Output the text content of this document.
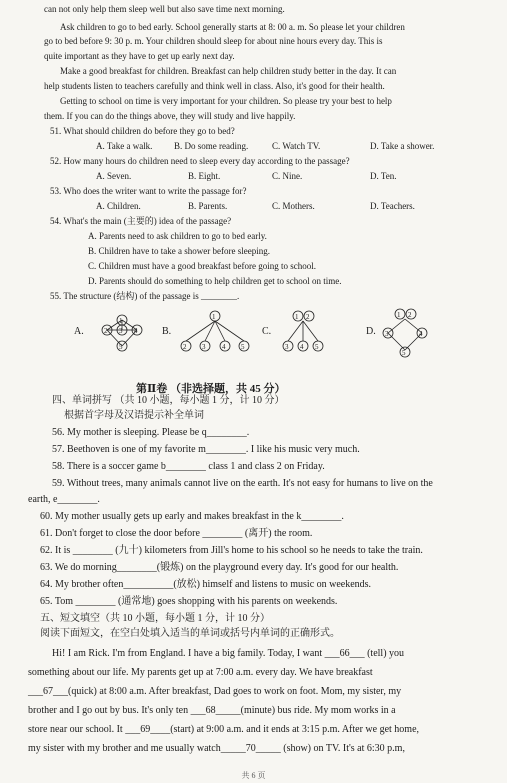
can not only help them sleep well but also save time next morning.
Ask children to go to bed early. School generally starts at 8: 00 a. m. So please let your children
go to bed before 9: 30 p. m. Your children should sleep for about nine hours every day. This is
quite important as they have to get up early next day.
Make a good breakfast for children. Breakfast can help children study better in the day. It can
help students listen to teachers carefully and think well in class. Also, it's good for their health.
Getting to school on time is very important for your children. So please try your best to help
them. If you can do the things above, they will study and live happily.
51. What should children do before they go to bed?
A. Take a walk. B. Do some reading.	C. Watch TV.	D. Take a shower.
52. How many hours do children need to sleep every day according to the passage?
A. Seven.	B. Eight.	C. Nine.	D. Ten.
53. Who does the writer want to write the passage for?
A. Children.	B. Parents.	C. Mothers.	D. Teachers.
54. What's the main (主要的) idea of the passage?
A. Parents need to ask children to go to bed early.
B. Children have to take a shower before sleeping.
C. Children must have a good breakfast before going to school.
D. Parents should do something to help children get to school on time.
55. The structure (结构) of the passage is ________.
A.
1
2 3 4
5
B.
1
2 3 4 5
C.
1 2
3 4 5
D.
1 2
3	4
5
第Ⅱ卷 （非选择题，共 45 分）
四、单词拼写 （共 10 小题，每小题 1 分，计 10 分）
根据首字母及汉语提示补全单词
56. My mother is sleeping. Please be q________.
57. Beethoven is one of my favorite m________. I like his music very much.
58. There is a soccer game b________ class 1 and class 2 on Friday.
59. Without trees, many animals cannot live on the earth. It's not easy for humans to live on the
earth, e________.
60. My mother usually gets up early and makes breakfast in the k________.
61. Don't forget to close the door before ________ (离开) the room.
62. It is ________ (九十) kilometers from Jill's home to his school so he needs to take the train.
63. We do morning________(锻炼) on the playground every day. It's good for our health.
64. My brother often__________(放松) himself and listens to music on weekends.
65. Tom ________ (通常地) goes shopping with his parents on weekends.
五、短文填空（共 10 小题，每小题 1 分，计 10 分）
阅读下面短文，在空白处填入适当的单词或括号内单词的正确形式。
Hi! I am Rick. I'm from England. I have a big family. Today, I want ___66___ (tell) you
something about our life. My parents get up at 7:00 a.m. every day. We have breakfast
___67___(quick) at 8:00 a.m. After breakfast, Dad goes to work on foot. Mom, my sister, my
brother and I go out by bus. It's only ten ___68_____(minute) bus ride. My mom works in a
store near our school. It ___69____(start) at 9:00 a.m. and it ends at 3:15 p.m. After we get home,
my sister with my brother and me usually watch_____70_____ (show) on TV. It's at 6:30 p.m,
共 6 页
